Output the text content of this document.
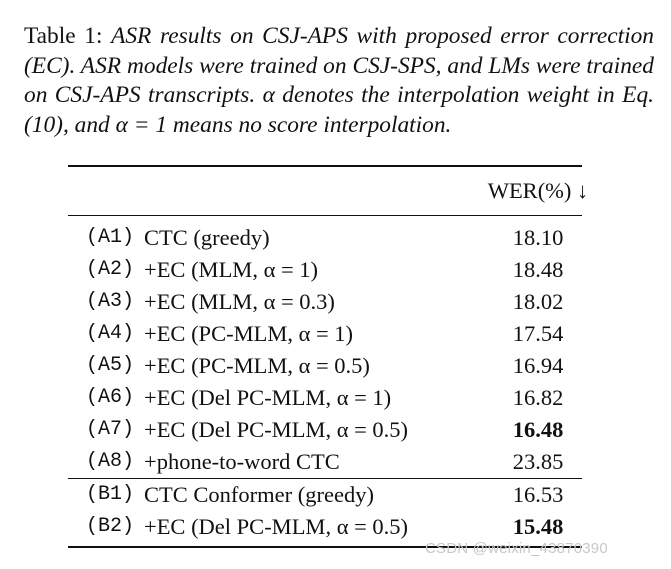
Table 1: ASR results on CSJ-APS with proposed error correction (EC). ASR models were trained on CSJ-SPS, and LMs were trained on CSJ-APS transcripts. α denotes the interpolation weight in Eq. (10), and α = 1 means no score interpolation.
WER(%) ↓
(A1) CTC (greedy)	18.10
(A2) +EC (MLM, α = 1)	18.48
(A3) +EC (MLM, α = 0.3)	18.02
(A4) +EC (PC-MLM, α = 1)	17.54
(A5) +EC (PC-MLM, α = 0.5)	16.94
(A6) +EC (Del PC-MLM, α = 1)	16.82
(A7) +EC (Del PC-MLM, α = 0.5)	16.48
(A8) +phone-to-word CTC	23.85
(B1) CTC Conformer (greedy)	16.53
(B2) +EC (Del PC-MLM, α = 0.5)	15.48
CSDN @weixin_43870390
